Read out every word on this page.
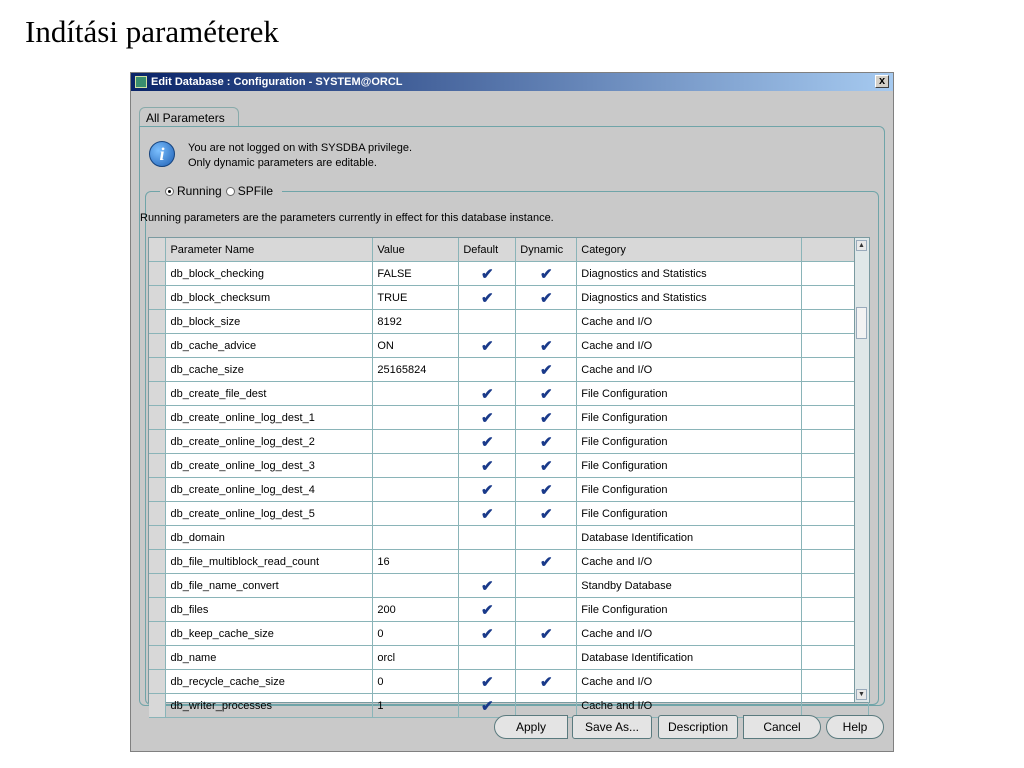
Indítási paraméterek
Edit Database : Configuration - SYSTEM@ORCL	x
All Parameters
i	You are not logged on with SYSDBA privilege.
Only dynamic parameters are editable.
Running SPFile
Running parameters are the parameters currently in effect for this database instance.
	Parameter Name	Value	Default	Dynamic	Category	
	db_block_checking	FALSE	✔	✔	Diagnostics and Statistics	
	db_block_checksum	TRUE	✔	✔	Diagnostics and Statistics	
	db_block_size	8192			Cache and I/O	
	db_cache_advice	ON	✔	✔	Cache and I/O	
	db_cache_size	25165824		✔	Cache and I/O	
	db_create_file_dest		✔	✔	File Configuration	
	db_create_online_log_dest_1		✔	✔	File Configuration	
	db_create_online_log_dest_2		✔	✔	File Configuration	
	db_create_online_log_dest_3		✔	✔	File Configuration	
	db_create_online_log_dest_4		✔	✔	File Configuration	
	db_create_online_log_dest_5		✔	✔	File Configuration	
	db_domain				Database Identification	
	db_file_multiblock_read_count	16		✔	Cache and I/O	
	db_file_name_convert		✔		Standby Database	
	db_files	200	✔		File Configuration	
	db_keep_cache_size	0	✔	✔	Cache and I/O	
	db_name	orcl			Database Identification	
	db_recycle_cache_size	0	✔	✔	Cache and I/O	
	db_writer_processes	1	✔		Cache and I/O	
▲
▼
Apply	Save As...	Description	Cancel	Help
